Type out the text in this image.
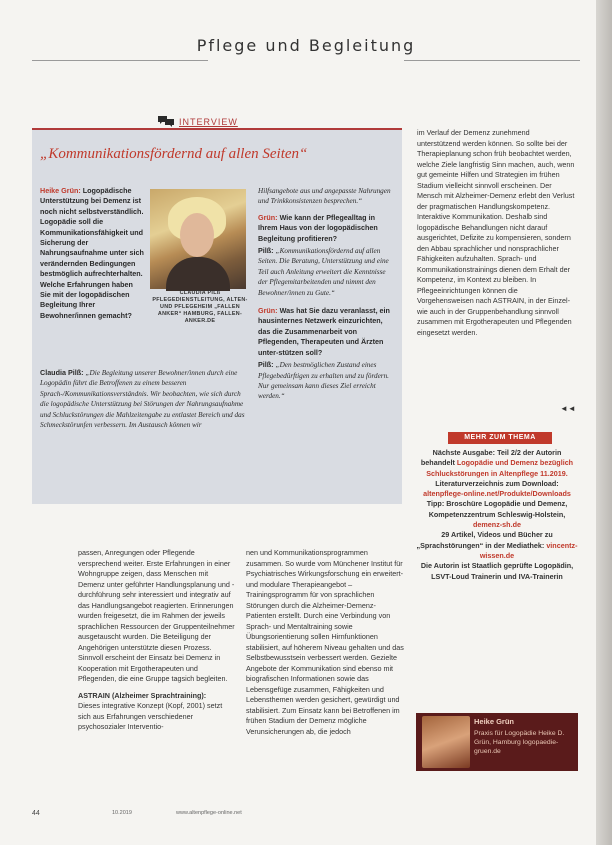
Pflege und Begleitung
INTERVIEW
„Kommunikationsfördernd auf allen Seiten“

Heike Grün: Logopädische Unterstützung bei Demenz ist noch nicht selbstverständlich. Logopädie soll die Kommunikationsfähigkeit und Sicherung der Nahrungsaufnahme unter sich verändernden Bedingungen bestmöglich aufrechterhalten. Welche Erfahrungen haben Sie mit der logopädischen Begleitung Ihrer Bewohner/innen gemacht?

Claudia Pilß: „Die Begleitung unserer Bewohner/innen durch eine Logopädin führt die Betroffenen zu einem besseren Sprach-/Kommunikationsverständnis. Wir beobachten, wie sich durch die logopädische Unterstützung bei Störungen der Nahrungsaufnahme und Schluckstörungen die Mahlzeitengabe zu entlastet Bereich und das Schmeckstörunfen verbessern. Im Austausch können wir

CLAUDIA PILß PFLEGEDIENSTLEITUNG, ALTEN- UND PFLEGEHEIM „FALLEN ANKER“ HAMBURG, FALLEN-ANKER.DE

Hilfsangebote aus und angepasste Nahrungen und Trinkkonsistenzen besprechen.“

Grün: Wie kann der Pflegealltag in Ihrem Haus von der logopädischen Begleitung profitieren?

Pilß: „Kommunikationsfördernd auf allen Seiten. Die Beratung, Unterstützung und eine Teil auch Anleitung erweitert die Kenntnisse der Pflegemitarbeitenden und nimmt den Bewohner/innen zu Gute.“

Grün: Was hat Sie dazu veranlasst, ein hausinternes Netzwerk einzurichten, das die Zusammenarbeit von Pflegenden, Therapeuten und Ärzten unter-stützen soll?

Pilß: „Den bestmöglichen Zustand eines Pflegebedürftigen zu erhalten und zu fördern. Nur gemeinsam kann dieses Ziel erreicht werden.“

im Verlauf der Demenz zunehmend unterstützend werden können. So sollte bei der Therapieplanung schon früh beobachtet werden, welche Ziele langfristig Sinn machen, auch, wenn gut gemeinte Hilfen und Strategien im frühen Stadium vielleicht sinnvoll erscheinen. Der Mensch mit Alzheimer-Demenz erlebt den Verlust der pragmatischen Handlungskompetenz. Interaktive Kommunikation. Deshalb sind logopädische Behandlungen nicht darauf ausgerichtet, Defizite zu kompensieren, sondern den Abbau sprachlicher und nonsprachlicher Fähigkeiten aufzuhalten. Sprach- und Kommunikationstrainings dienen dem Erhalt der Kompetenz, im Kontext zu bleiben. In Pflegeeinrichtungen können die Vorgehensweisen nach ASTRAIN, in der Einzel- wie auch in der Gruppenbehandlung sinnvoll zusammen mit Ergotherapeuten und Pflegenden eingesetzt werden.
◄◄
MEHR ZUM THEMA

Nächste Ausgabe: Teil 2/2 der Autorin behandelt Logopädie und Demenz bezüglich Schluckstörungen in Altenpflege 11.2019.

Literaturverzeichnis zum Download: altenpflege-online.net/Produkte/Downloads

Tipp: Broschüre Logopädie und Demenz, Kompetenzzentrum Schleswig-Holstein, demenz-sh.de

29 Artikel, Videos und Bücher zu „Sprachstörungen“ in der Mediathek: vincentz-wissen.de

Die Autorin ist Staatlich geprüfte Logopädin, LSVT-Loud Trainerin und IVA-Trainerin

passen, Anregungen oder Pflegende versprechend weiter. Erste Erfahrungen in einer Wohngruppe zeigen, dass Menschen mit Demenz unter geführter Handlungsplanung und -durchführung sehr interessiert und integrativ auf das Handlungsangebot reagierten. Erinnerungen wurden freigesetzt, die im Rahmen der jeweils sprachlichen Ressourcen der Gruppenteilnehmer ausgetauscht wurden. Die Beteiligung der Angehörigen unterstützte diesen Prozess. Sinnvoll erscheint der Einsatz bei Demenz in Kooperation mit Ergotherapeuten und Pflegenden, die eine Gruppe tagsich begleiten.

ASTRAIN (Alzheimer Sprachtraining):

Dieses integrative Konzept (Kopf, 2001) setzt sich aus Erfahrungen verschiedener psychosozialer Interventio-

nen und Kommunikationsprogrammen zusammen. So wurde vom Münchener Institut für Psychiatrisches Wirkungsforschung ein erweitert- und modulare Therapieangebot – Trainingsprogramm für von sprachlichen Störungen durch die Alzheimer-Demenz-Patienten erstellt. Durch eine Verbindung von Sprach- und Mentaltraining sowie Übungsorientierung sollen Hirnfunktionen stabilisiert, auf höherem Niveau gehalten und das Selbstbewusstsein verbessert werden. Gezielte Angebote der Kommunikation sind ebenso mit biografischen Informationen sowie das Lebensgefüge zusammen, Fähigkeiten und Lebensthemen werden gesichert, gewürdigt und stabilisiert. Zum Einsatz kann bei Betroffenen im frühen Stadium der Demenz mögliche Verunsicherungen ab, die jedoch

Heike Grün
Praxis für Logopädie Heike D. Grün, Hamburg logopaedie-gruen.de
44	10.2019	www.altenpflege-online.net
